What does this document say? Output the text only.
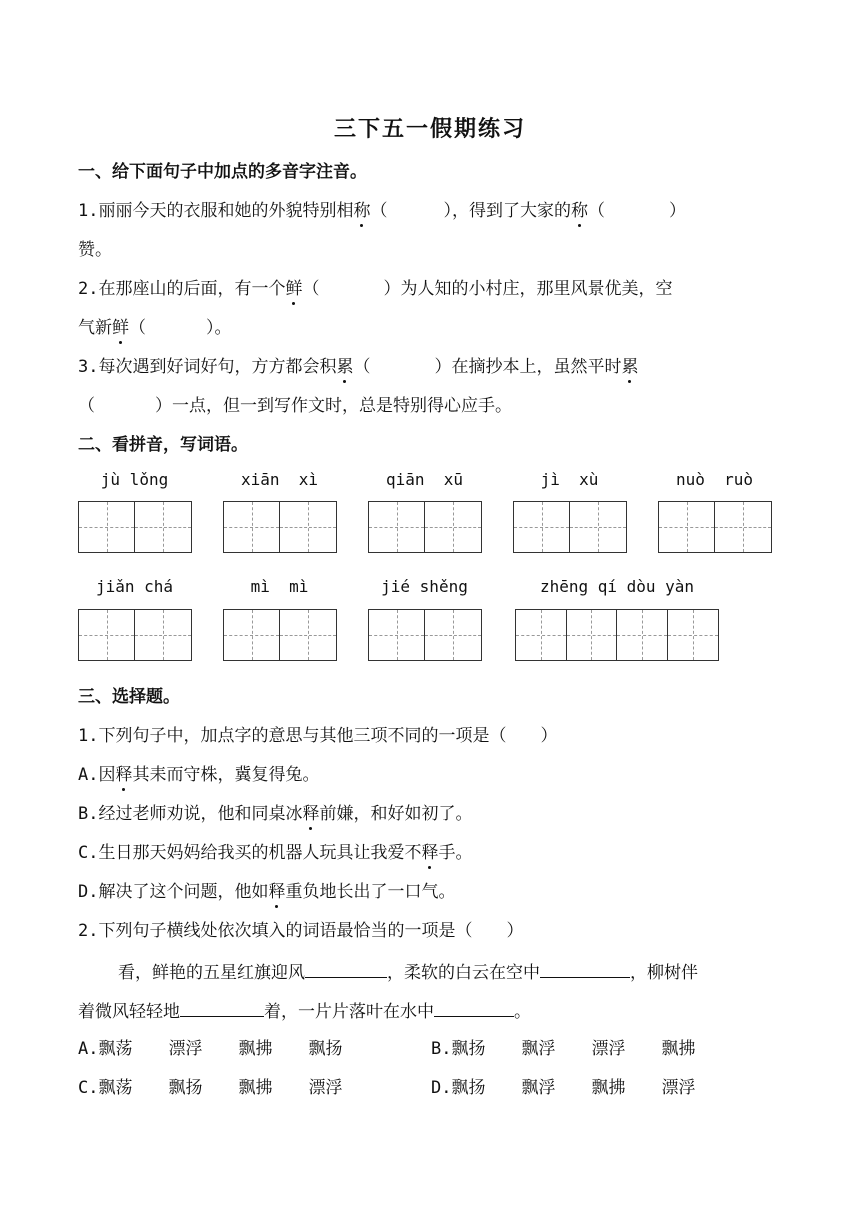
三下五一假期练习
一、给下面句子中加点的多音字注音。
1.丽丽今天的衣服和她的外貌特别相称（	），得到了大家的称（	）
赞。
2.在那座山的后面，有一个鲜（	）为人知的小村庄，那里风景优美，空
气新鲜（	）。
3.每次遇到好词好句，方方都会积累（	）在摘抄本上，虽然平时累
（	）一点，但一到写作文时，总是特别得心应手。
二、看拼音，写词语。
jù lǒng	xiān  xì	qiān  xū	jì  xù	nuò  ruò
jiǎn chá	mì  mì	jié shěng	zhēng qí dòu yàn
三、选择题。
1.下列句子中，加点字的意思与其他三项不同的一项是（　　）
A.因释其耒而守株，冀复得兔。
B.经过老师劝说，他和同桌冰释前嫌，和好如初了。
C.生日那天妈妈给我买的机器人玩具让我爱不释手。
D.解决了这个问题，他如释重负地长出了一口气。
2.下列句子横线处依次填入的词语最恰当的一项是（　　）
看，鲜艳的五星红旗迎风	，柔软的白云在空中	，柳树伴
着微风轻轻地	着，一片片落叶在水中	。
A.飘荡 漂浮 飘拂 飘扬	B.飘扬 飘浮 漂浮 飘拂
C.飘荡 飘扬 飘拂 漂浮	D.飘扬 飘浮 飘拂 漂浮
